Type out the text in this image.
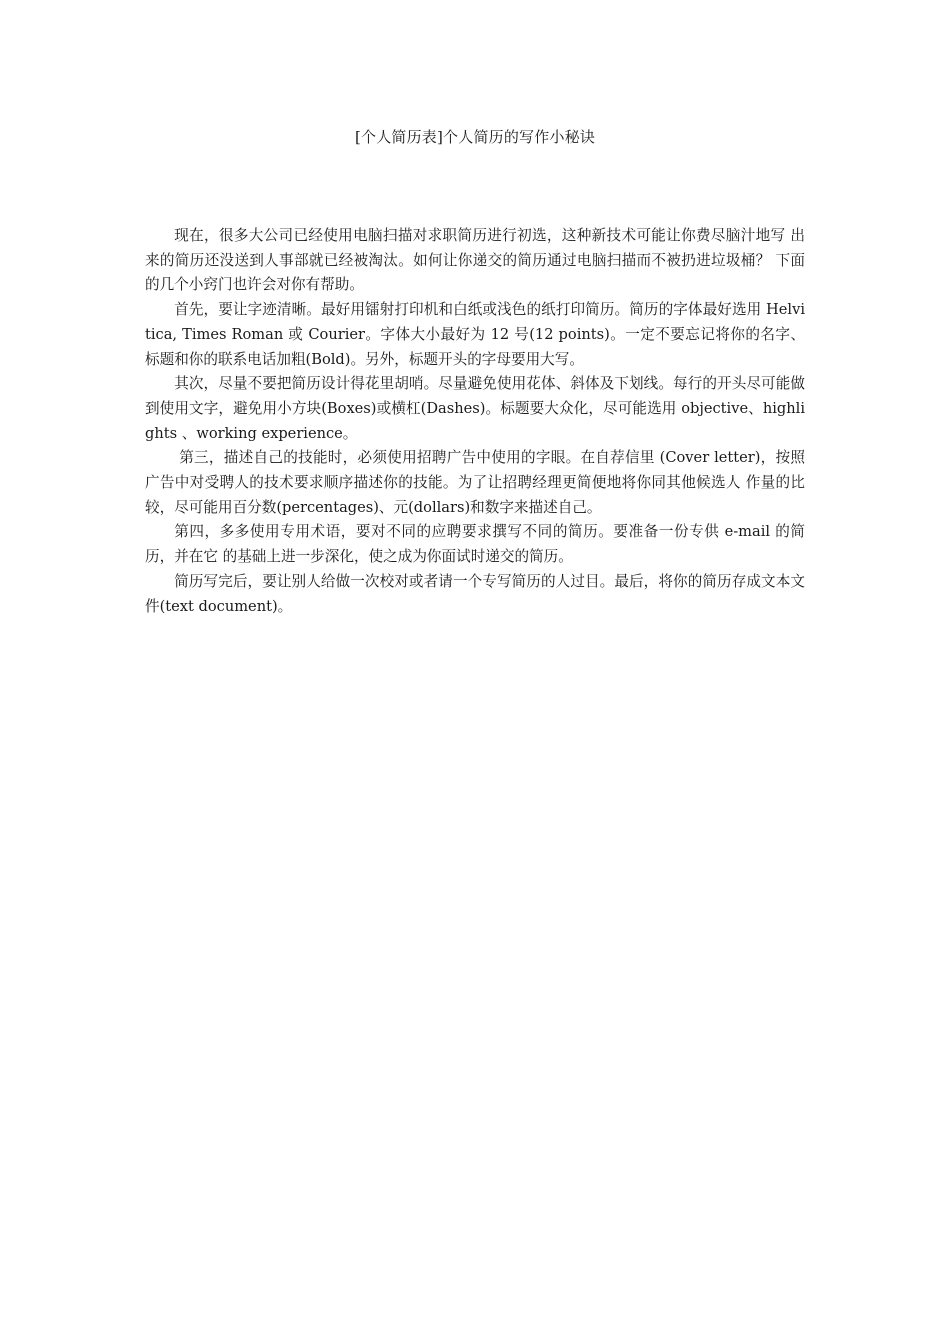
[个人简历表]个人简历的写作小秘诀

现在，很多大公司已经使用电脑扫描对求职简历进行初选，这种新技术可能让你费尽脑汁地写 出来的简历还没送到人事部就已经被淘汰。如何让你递交的简历通过电脑扫描而不被扔进垃圾桶？ 下面的几个小窍门也许会对你有帮助。

首先，要让字迹清晰。最好用镭射打印机和白纸或浅色的纸打印简历。简历的字体最好选用 Helvitica, Times Roman 或 Courier。字体大小最好为 12 号(12 points)。一定不要忘记将你的名字、标题和你的联系电话加粗(Bold)。另外，标题开头的字母要用大写。

其次，尽量不要把简历设计得花里胡哨。尽量避免使用花体、斜体及下划线。每行的开头尽可能做 到使用文字，避免用小方块(Boxes)或横杠(Dashes)。标题要大众化，尽可能选用 objective、highlights 、working experience。

第三，描述自己的技能时，必须使用招聘广告中使用的字眼。在自荐信里 (Cover letter)，按照广告中对受聘人的技术要求顺序描述你的技能。为了让招聘经理更简便地将你同其他候选人 作量的比较，尽可能用百分数(percentages)、元(dollars)和数字来描述自己。

第四，多多使用专用术语，要对不同的应聘要求撰写不同的简历。要准备一份专供 e-mail 的简历，并在它 的基础上进一步深化，使之成为你面试时递交的简历。

简历写完后，要让别人给做一次校对或者请一个专写简历的人过目。最后，将你的简历存成文本文件(text document)。
